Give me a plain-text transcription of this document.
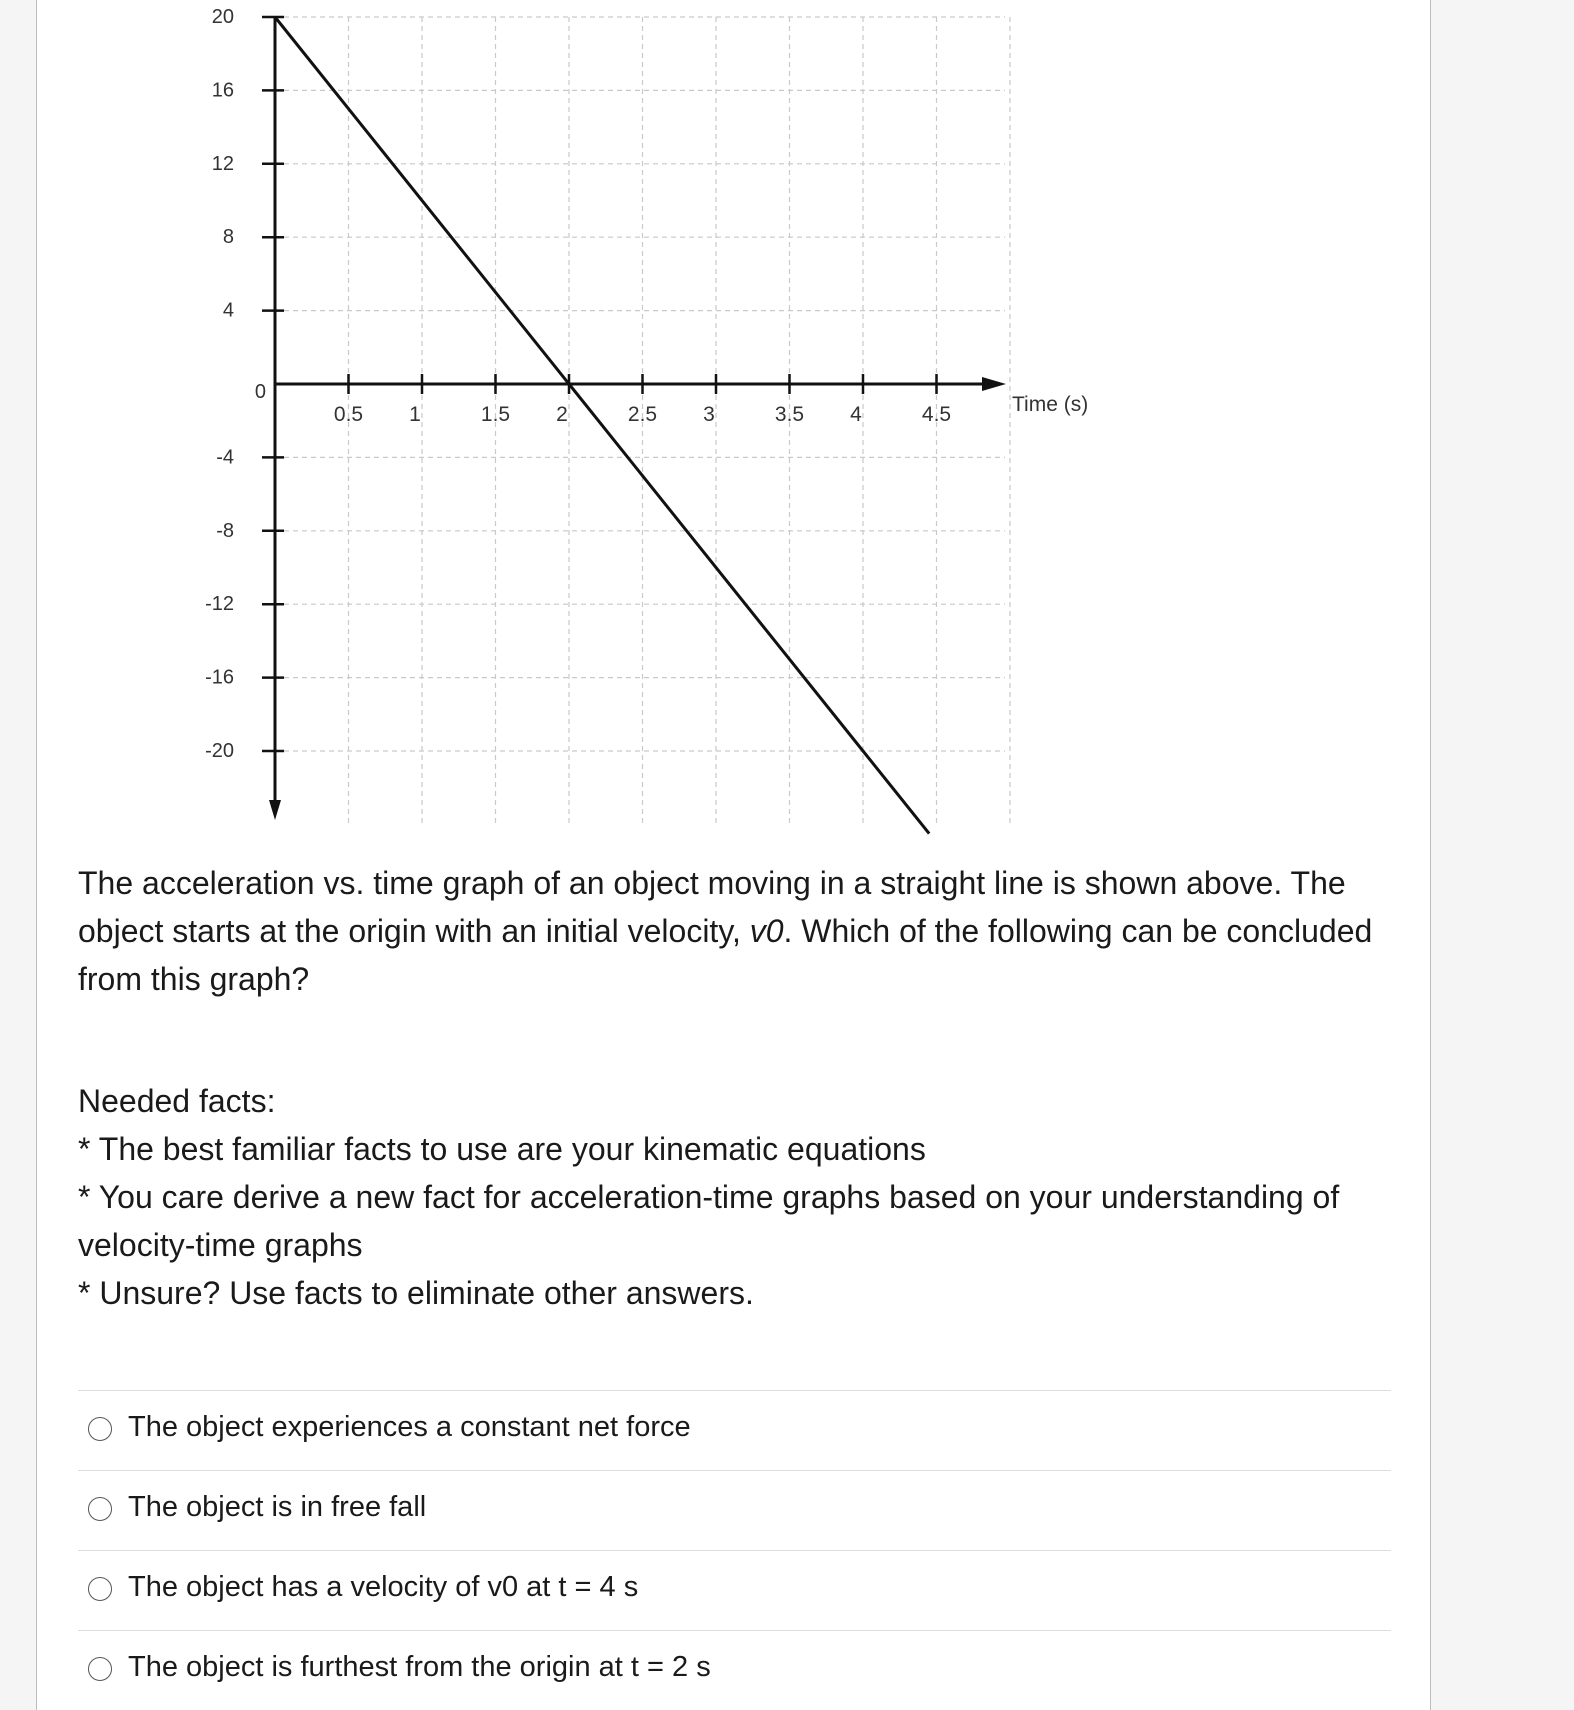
20
16
12
8
4
0
-4
-8
-12
-16
-20
0.5 1	1.5 2	2.5 3	3.5 4	4.5	Time (s)
The acceleration vs. time graph of an object moving in a straight line is shown above. The object starts at the origin with an initial velocity, v0. Which of the following can be concluded from this graph?

Needed facts:

* The best familiar facts to use are your kinematic equations

* You care derive a new fact for acceleration-time graphs based on your understanding of velocity-time graphs

* Unsure? Use facts to eliminate other answers.

The object experiences a constant net force
The object is in free fall
The object has a velocity of v0 at t = 4 s
The object is furthest from the origin at t = 2 s
